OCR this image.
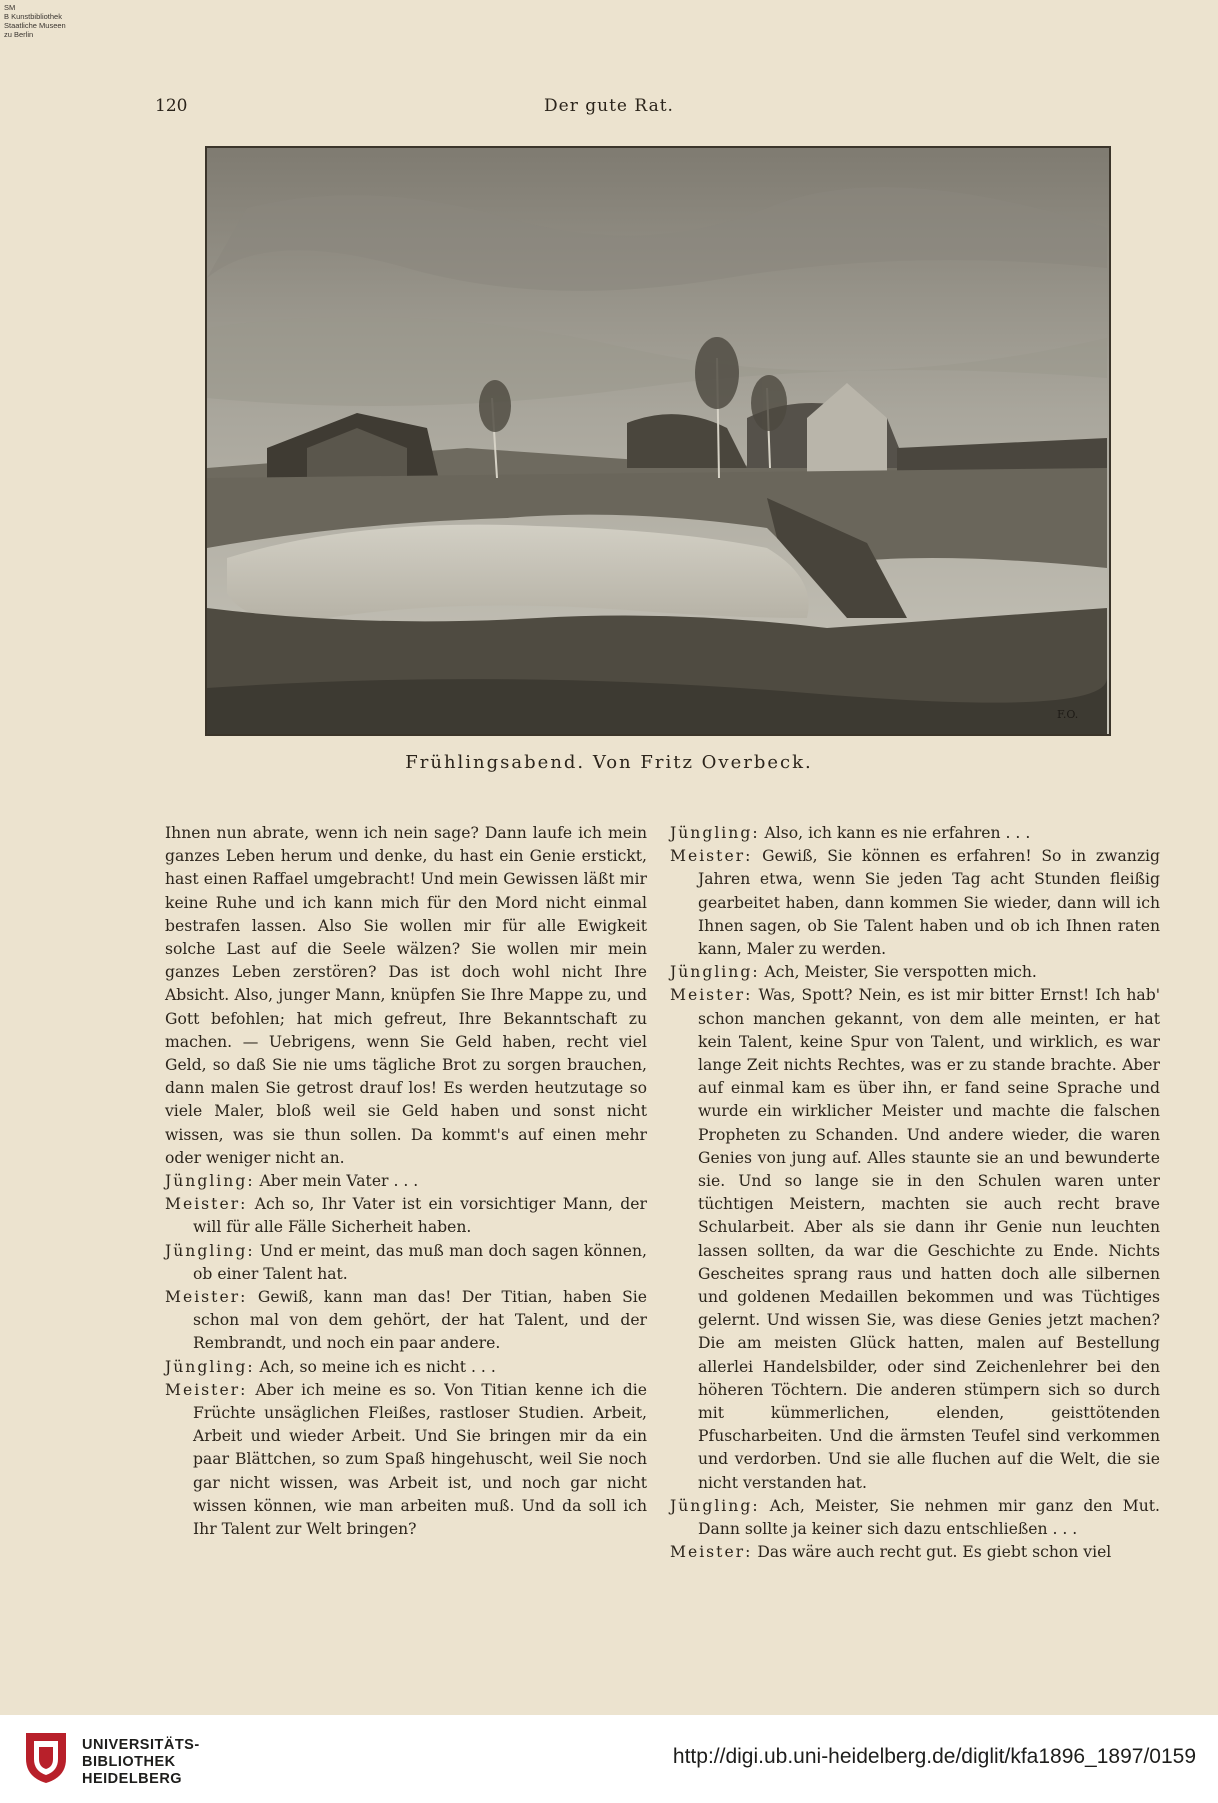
SM
B Kunstbibliothek
Staatliche Museen
zu Berlin
120	Der gute Rat.
F.O.
Frühlingsabend. Von Fritz Overbeck.

Ihnen nun abrate, wenn ich nein sage? Dann laufe ich mein ganzes Leben herum und denke, du hast ein Genie erstickt, hast einen Raffael umgebracht! Und mein Gewissen läßt mir keine Ruhe und ich kann mich für den Mord nicht einmal bestrafen lassen. Also Sie wollen mir für alle Ewigkeit solche Last auf die Seele wälzen? Sie wollen mir mein ganzes Leben zerstören? Das ist doch wohl nicht Ihre Absicht. Also, junger Mann, knüpfen Sie Ihre Mappe zu, und Gott befohlen; hat mich gefreut, Ihre Bekanntschaft zu machen. — Uebrigens, wenn Sie Geld haben, recht viel Geld, so daß Sie nie ums tägliche Brot zu sorgen brauchen, dann malen Sie getrost drauf los! Es werden heutzutage so viele Maler, bloß weil sie Geld haben und sonst nicht wissen, was sie thun sollen. Da kommt's auf einen mehr oder weniger nicht an.

Jüngling: Aber mein Vater . . .

Meister: Ach so, Ihr Vater ist ein vorsichtiger Mann, der will für alle Fälle Sicherheit haben.

Jüngling: Und er meint, das muß man doch sagen können, ob einer Talent hat.

Meister: Gewiß, kann man das! Der Titian, haben Sie schon mal von dem gehört, der hat Talent, und der Rembrandt, und noch ein paar andere.

Jüngling: Ach, so meine ich es nicht . . .

Meister: Aber ich meine es so. Von Titian kenne ich die Früchte unsäglichen Fleißes, rastloser Studien. Arbeit, Arbeit und wieder Arbeit. Und Sie bringen mir da ein paar Blättchen, so zum Spaß hingehuscht, weil Sie noch gar nicht wissen, was Arbeit ist, und noch gar nicht wissen können, wie man arbeiten muß. Und da soll ich Ihr Talent zur Welt bringen?

Jüngling: Also, ich kann es nie erfahren . . .

Meister: Gewiß, Sie können es erfahren! So in zwanzig Jahren etwa, wenn Sie jeden Tag acht Stunden fleißig gearbeitet haben, dann kommen Sie wieder, dann will ich Ihnen sagen, ob Sie Talent haben und ob ich Ihnen raten kann, Maler zu werden.

Jüngling: Ach, Meister, Sie verspotten mich.

Meister: Was, Spott? Nein, es ist mir bitter Ernst! Ich hab' schon manchen gekannt, von dem alle meinten, er hat kein Talent, keine Spur von Talent, und wirklich, es war lange Zeit nichts Rechtes, was er zu stande brachte. Aber auf einmal kam es über ihn, er fand seine Sprache und wurde ein wirklicher Meister und machte die falschen Propheten zu Schanden. Und andere wieder, die waren Genies von jung auf. Alles staunte sie an und bewunderte sie. Und so lange sie in den Schulen waren unter tüchtigen Meistern, machten sie auch recht brave Schularbeit. Aber als sie dann ihr Genie nun leuchten lassen sollten, da war die Geschichte zu Ende. Nichts Gescheites sprang raus und hatten doch alle silbernen und goldenen Medaillen bekommen und was Tüchtiges gelernt. Und wissen Sie, was diese Genies jetzt machen? Die am meisten Glück hatten, malen auf Bestellung allerlei Handelsbilder, oder sind Zeichenlehrer bei den höheren Töchtern. Die anderen stümpern sich so durch mit kümmerlichen, elenden, geisttötenden Pfuscharbeiten. Und die ärmsten Teufel sind verkommen und verdorben. Und sie alle fluchen auf die Welt, die sie nicht verstanden hat.

Jüngling: Ach, Meister, Sie nehmen mir ganz den Mut. Dann sollte ja keiner sich dazu entschließen . . .

Meister: Das wäre auch recht gut. Es giebt schon viel

UNIVERSITÄTS-
BIBLIOTHEK
HEIDELBERG
http://digi.ub.uni-heidelberg.de/diglit/kfa1896_1897/0159
